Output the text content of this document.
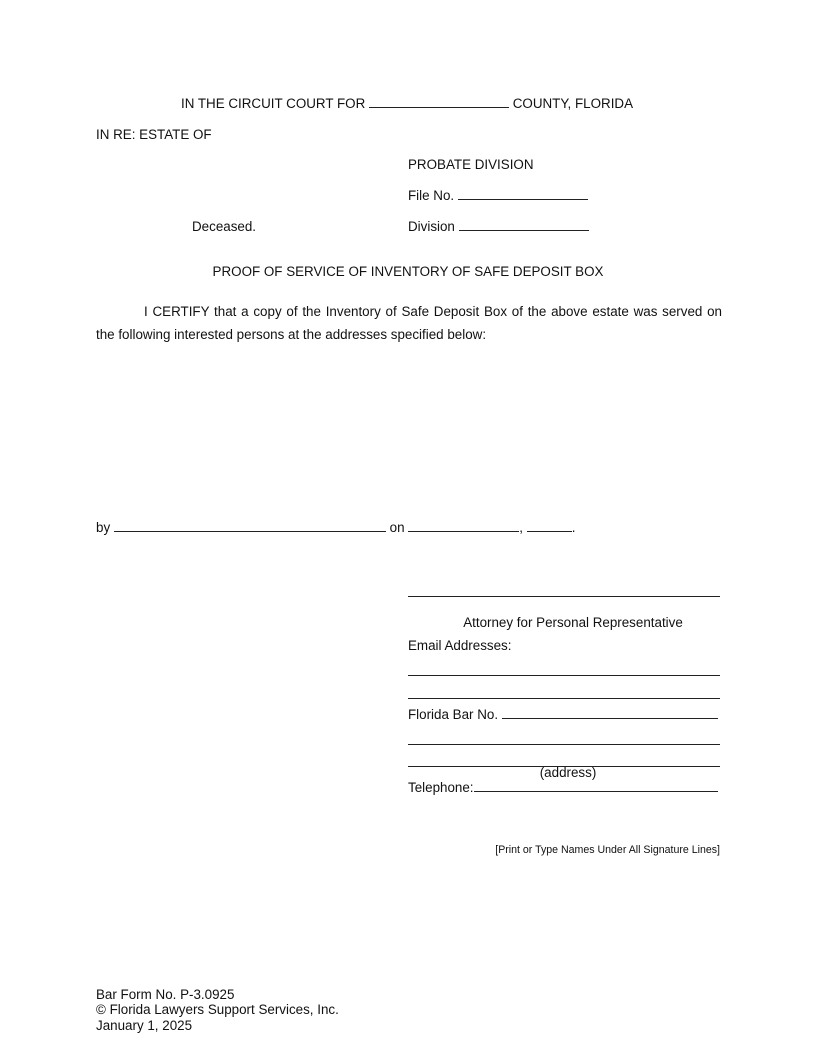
IN THE CIRCUIT COURT FOR	COUNTY, FLORIDA
IN RE: ESTATE OF
PROBATE DIVISION
File No.
Deceased.	Division
PROOF OF SERVICE OF INVENTORY OF SAFE DEPOSIT BOX
I CERTIFY that a copy of the Inventory of Safe Deposit Box of the above estate was served on the following interested persons at the addresses specified below:
by	on	,	.
Attorney for Personal Representative
Email Addresses:
Florida Bar No.
(address)
Telephone:
[Print or Type Names Under All Signature Lines]
Bar Form No. P-3.0925
© Florida Lawyers Support Services, Inc.
January 1, 2025
